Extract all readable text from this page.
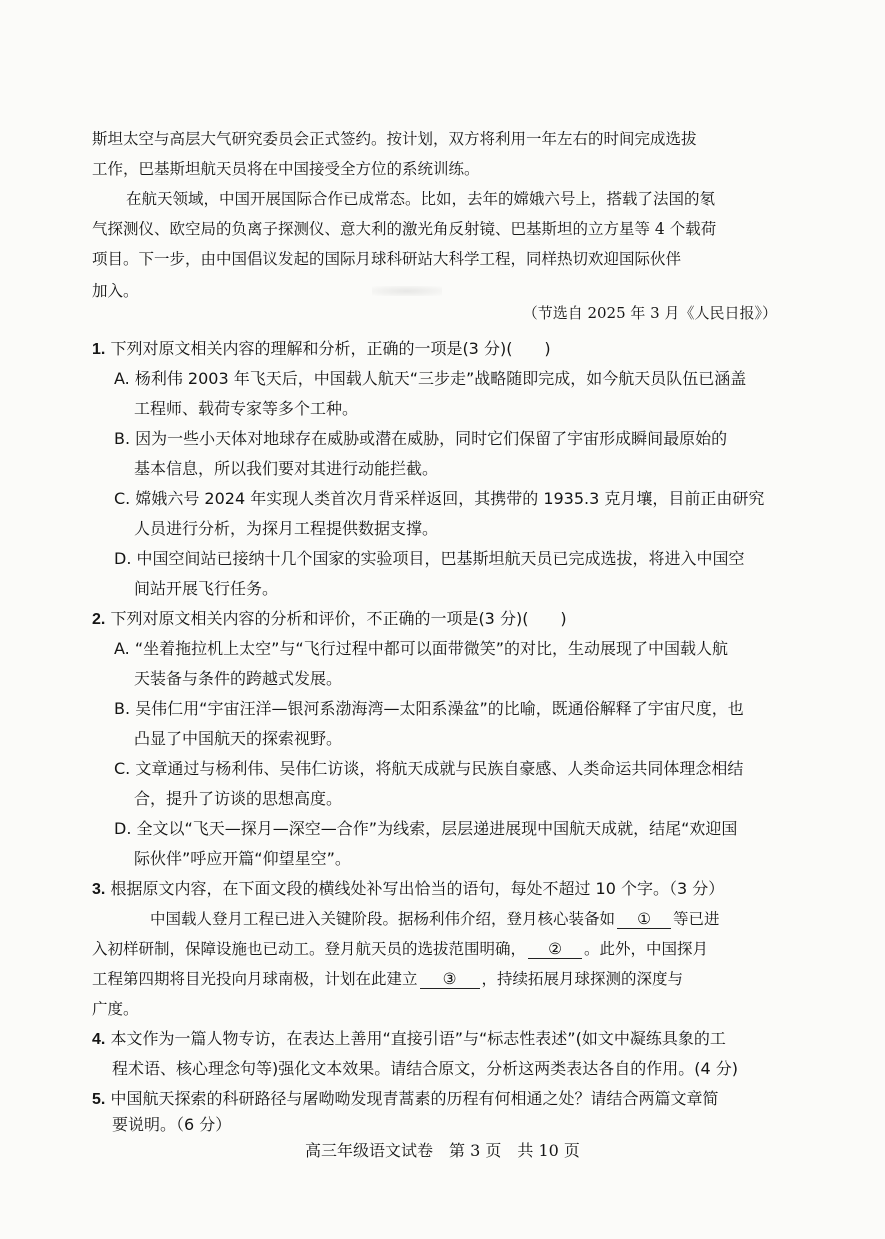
斯坦太空与高层大气研究委员会正式签约。按计划，双方将利用一年左右的时间完成选拔
工作，巴基斯坦航天员将在中国接受全方位的系统训练。
在航天领域，中国开展国际合作已成常态。比如，去年的嫦娥六号上，搭载了法国的氡
气探测仪、欧空局的负离子探测仪、意大利的激光角反射镜、巴基斯坦的立方星等 4 个载荷
项目。下一步，由中国倡议发起的国际月球科研站大科学工程，同样热切欢迎国际伙伴
加入。
（节选自 2025 年 3 月《人民日报》）
1. 下列对原文相关内容的理解和分析，正确的一项是(3 分)(　　)
A. 杨利伟 2003 年飞天后，中国载人航天“三步走”战略随即完成，如今航天员队伍已涵盖
工程师、载荷专家等多个工种。
B. 因为一些小天体对地球存在威胁或潜在威胁，同时它们保留了宇宙形成瞬间最原始的
基本信息，所以我们要对其进行动能拦截。
C. 嫦娥六号 2024 年实现人类首次月背采样返回，其携带的 1935.3 克月壤，目前正由研究
人员进行分析，为探月工程提供数据支撑。
D. 中国空间站已接纳十几个国家的实验项目，巴基斯坦航天员已完成选拔，将进入中国空
间站开展飞行任务。
2. 下列对原文相关内容的分析和评价，不正确的一项是(3 分)(　　)
A. “坐着拖拉机上太空”与“飞行过程中都可以面带微笑”的对比，生动展现了中国载人航
天装备与条件的跨越式发展。
B. 吴伟仁用“宇宙汪洋—银河系渤海湾—太阳系澡盆”的比喻，既通俗解释了宇宙尺度，也
凸显了中国航天的探索视野。
C. 文章通过与杨利伟、吴伟仁访谈，将航天成就与民族自豪感、人类命运共同体理念相结
合，提升了访谈的思想高度。
D. 全文以“飞天—探月—深空—合作”为线索，层层递进展现中国航天成就，结尾“欢迎国
际伙伴”呼应开篇“仰望星空”。
3. 根据原文内容，在下面文段的横线处补写出恰当的语句，每处不超过 10 个字。（3 分）
中国载人登月工程已进入关键阶段。据杨利伟介绍，登月核心装备如 ① 等已进
入初样研制，保障设施也已动工。登月航天员的选拔范围明确， ② 。此外，中国探月
工程第四期将目光投向月球南极，计划在此建立 ③ ，持续拓展月球探测的深度与
广度。
4. 本文作为一篇人物专访，在表达上善用“直接引语”与“标志性表述”(如文中凝练具象的工
程术语、核心理念句等)强化文本效果。请结合原文，分析这两类表达各自的作用。(4 分)
5. 中国航天探索的科研路径与屠呦呦发现青蒿素的历程有何相通之处？请结合两篇文章简
要说明。（6 分）
高三年级语文试卷　第 3 页　共 10 页
